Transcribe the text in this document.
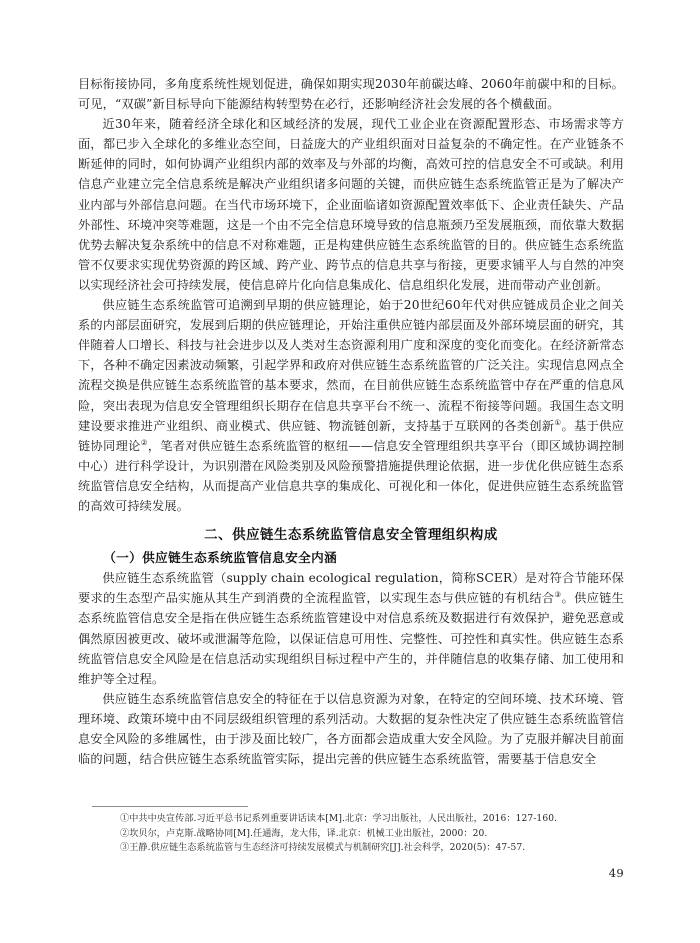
目标衔接协同，多角度系统性规划促进，确保如期实现2030年前碳达峰、2060年前碳中和的目标。可见，“双碳”新目标导向下能源结构转型势在必行，还影响经济社会发展的各个横截面。

近30年来，随着经济全球化和区域经济的发展，现代工业企业在资源配置形态、市场需求等方面，都已步入全球化的多维业态空间，日益庞大的产业组织面对日益复杂的不确定性。在产业链条不断延伸的同时，如何协调产业组织内部的效率及与外部的均衡，高效可控的信息安全不可或缺。利用信息产业建立完全信息系统是解决产业组织诸多问题的关键，而供应链生态系统监管正是为了解决产业内部与外部信息问题。在当代市场环境下，企业面临诸如资源配置效率低下、企业责任缺失、产品外部性、环境冲突等难题，这是一个由不完全信息环境导致的信息瓶颈乃至发展瓶颈，而依靠大数据优势去解决复杂系统中的信息不对称难题，正是构建供应链生态系统监管的目的。供应链生态系统监管不仅要求实现优势资源的跨区域、跨产业、跨节点的信息共享与衔接，更要求铺平人与自然的冲突以实现经济社会可持续发展，使信息碎片化向信息集成化、信息组织化发展，进而带动产业创新。

供应链生态系统监管可追溯到早期的供应链理论，始于20世纪60年代对供应链成员企业之间关系的内部层面研究，发展到后期的供应链理论，开始注重供应链内部层面及外部环境层面的研究，其伴随着人口增长、科技与社会进步以及人类对生态资源利用广度和深度的变化而变化。在经济新常态下，各种不确定因素波动频繁，引起学界和政府对供应链生态系统监管的广泛关注。实现信息网点全流程交换是供应链生态系统监管的基本要求，然而，在目前供应链生态系统监管中存在严重的信息风险，突出表现为信息安全管理组织长期存在信息共享平台不统一、流程不衔接等问题。我国生态文明建设要求推进产业组织、商业模式、供应链、物流链创新，支持基于互联网的各类创新①。基于供应链协同理论②，笔者对供应链生态系统监管的枢纽——信息安全管理组织共享平台（即区域协调控制中心）进行科学设计，为识别潜在风险类别及风险预警措施提供理论依据，进一步优化供应链生态系统监管信息安全结构，从而提高产业信息共享的集成化、可视化和一体化，促进供应链生态系统监管的高效可持续发展。

二、供应链生态系统监管信息安全管理组织构成
（一）供应链生态系统监管信息安全内涵

供应链生态系统监管（supply chain ecological regulation，简称SCER）是对符合节能环保要求的生态型产品实施从其生产到消费的全流程监管，以实现生态与供应链的有机结合③。供应链生态系统监管信息安全是指在供应链生态系统监管建设中对信息系统及数据进行有效保护，避免恶意或偶然原因被更改、破坏或泄漏等危险，以保证信息可用性、完整性、可控性和真实性。供应链生态系统监管信息安全风险是在信息活动实现组织目标过程中产生的，并伴随信息的收集存储、加工使用和维护等全过程。

供应链生态系统监管信息安全的特征在于以信息资源为对象，在特定的空间环境、技术环境、管理环境、政策环境中由不同层级组织管理的系列活动。大数据的复杂性决定了供应链生态系统监管信息安全风险的多维属性，由于涉及面比较广，各方面都会造成重大安全风险。为了克服并解决目前面临的问题，结合供应链生态系统监管实际，提出完善的供应链生态系统监管，需要基于信息安全

①中共中央宣传部.习近平总书记系列重要讲话读本[M].北京：学习出版社，人民出版社，2016：127-160.
②坎贝尔，卢克斯.战略协同[M].任通海，龙大伟，译.北京：机械工业出版社，2000：20.
③王静.供应链生态系统监管与生态经济可持续发展模式与机制研究[J].社会科学，2020(5)：47-57.
49
